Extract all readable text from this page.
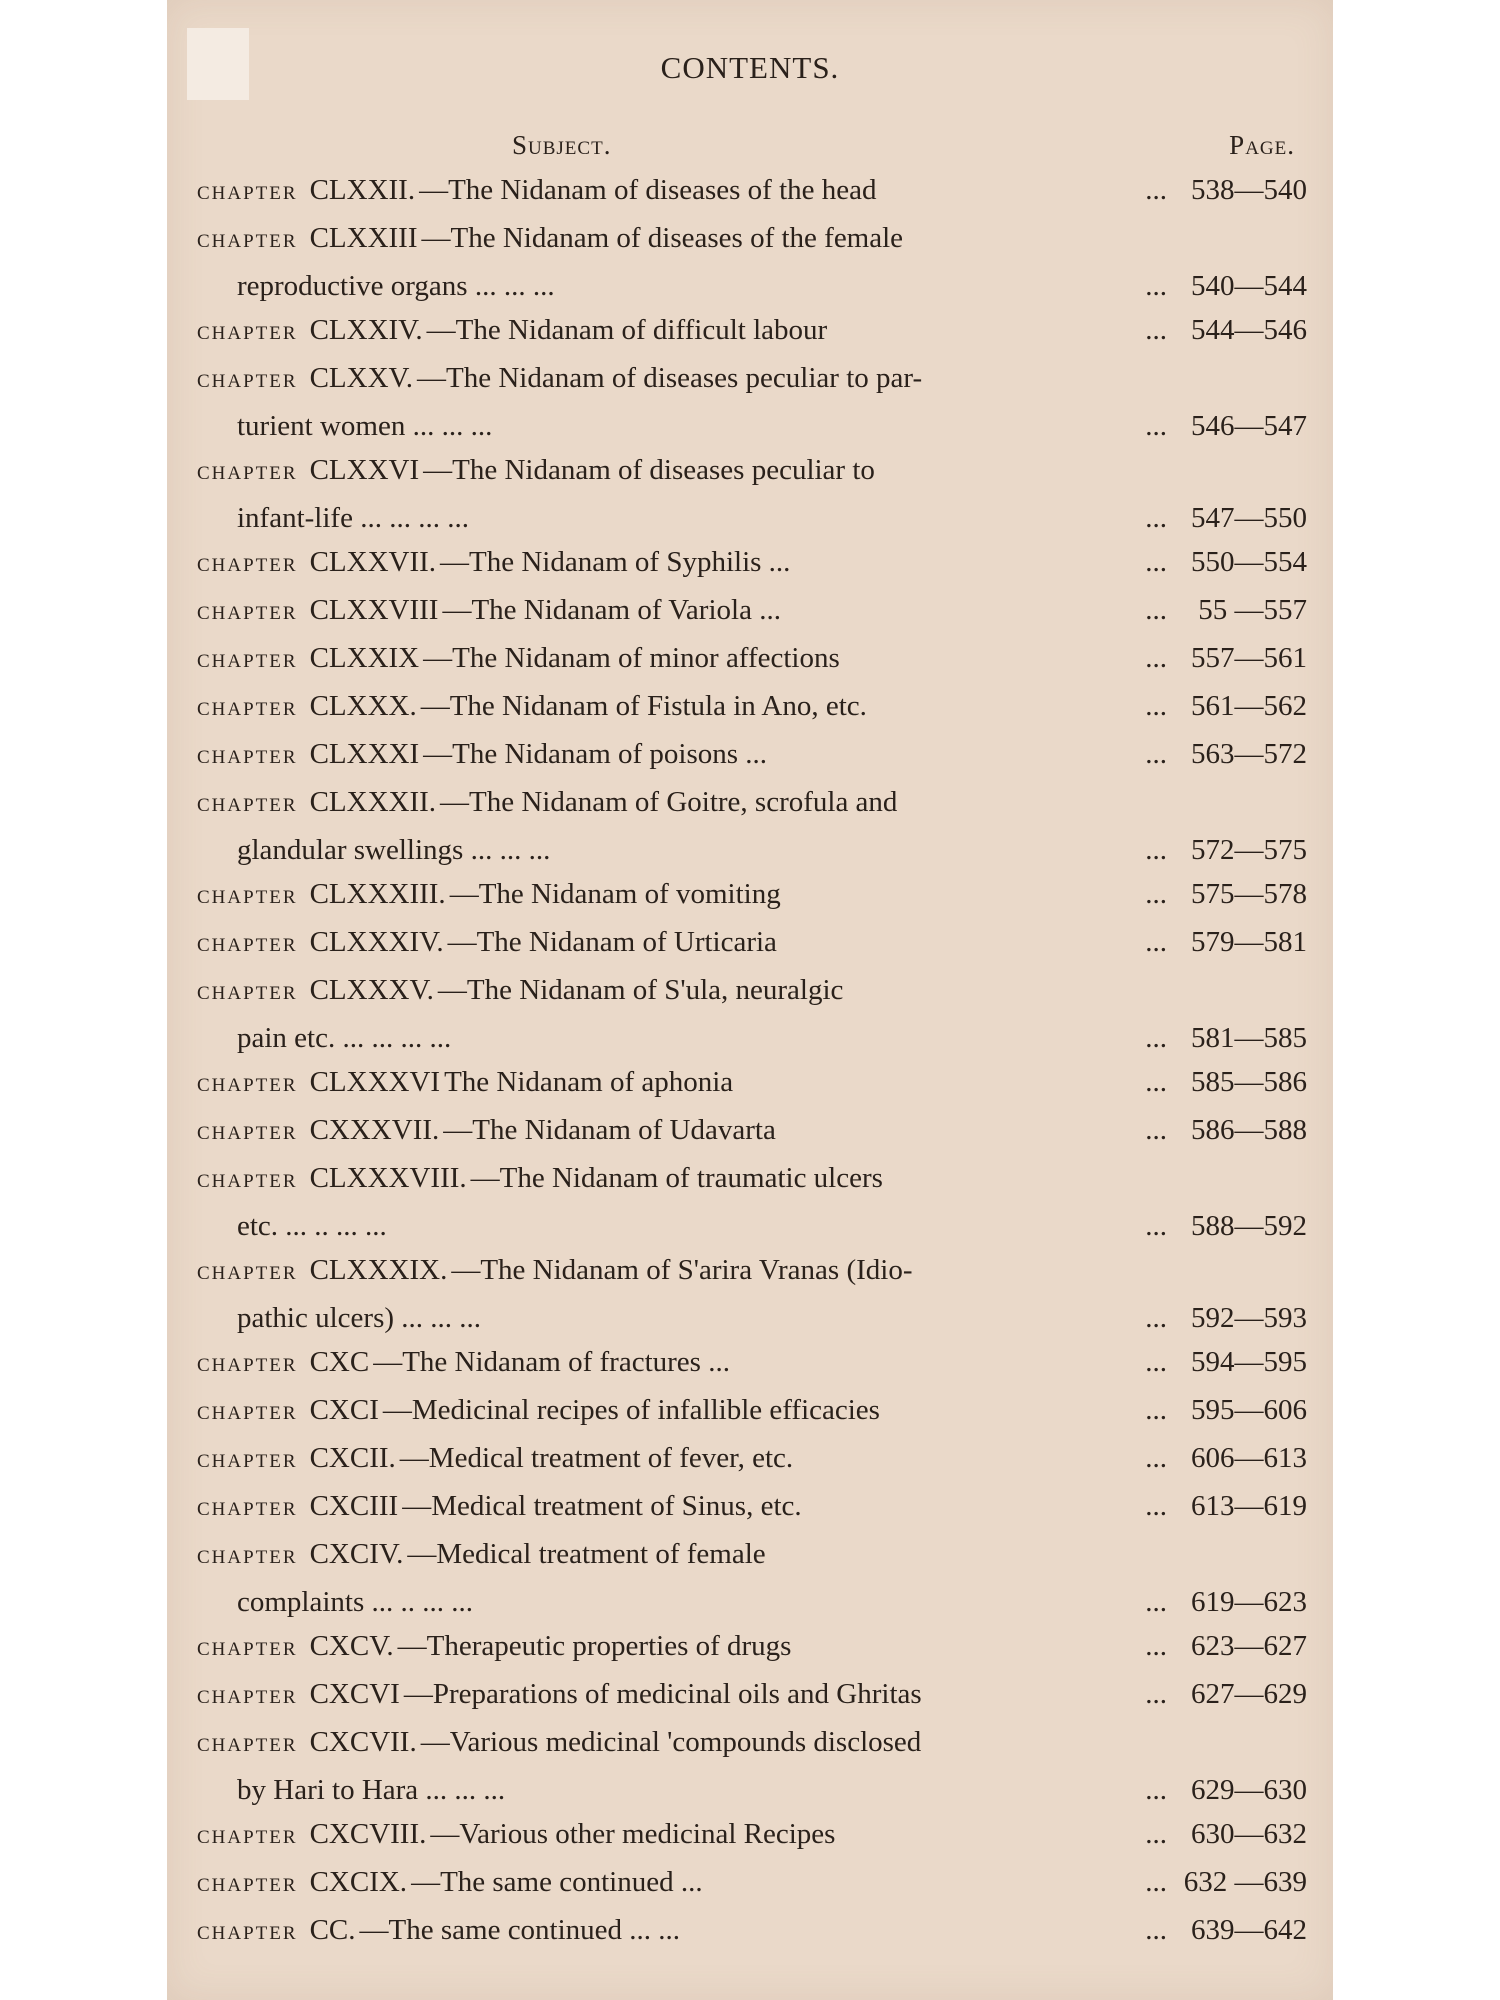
CONTENTS.
Subject.	Page.
CHAPTER CLXXII. —The Nidanam of diseases of the head	... 538—540
CHAPTER CLXXIII —The Nidanam of diseases of the female
reproductive organs ... ... ...	... 540—544
CHAPTER CLXXIV. —The Nidanam of difficult labour	... 544—546
CHAPTER CLXXV. —The Nidanam of diseases peculiar to par-
turient women ... ... ...	... 546—547
CHAPTER CLXXVI —The Nidanam of diseases peculiar to
infant-life ... ... ... ...	... 547—550
CHAPTER CLXXVII. —The Nidanam of Syphilis ...	... 550—554
CHAPTER CLXXVIII —The Nidanam of Variola ...	...	55 —557
CHAPTER CLXXIX —The Nidanam of minor affections	... 557—561
CHAPTER CLXXX. —The Nidanam of Fistula in Ano, etc.	... 561—562
CHAPTER CLXXXI —The Nidanam of poisons ...	... 563—572
CHAPTER CLXXXII. —The Nidanam of Goitre, scrofula and
glandular swellings ... ... ...	... 572—575
CHAPTER CLXXXIII. —The Nidanam of vomiting	... 575—578
CHAPTER CLXXXIV. —The Nidanam of Urticaria	... 579—581
CHAPTER CLXXXV. —The Nidanam of S'ula, neuralgic
pain etc. ... ... ... ...	... 581—585
CHAPTER CLXXXVI The Nidanam of aphonia	... 585—586
CHAPTER CXXXVII. —The Nidanam of Udavarta	... 586—588
CHAPTER CLXXXVIII. —The Nidanam of traumatic ulcers
etc. ... .. ... ...	... 588—592
CHAPTER CLXXXIX. —The Nidanam of S'arira Vranas (Idio-
pathic ulcers) ... ... ...	... 592—593
CHAPTER CXC —The Nidanam of fractures ...	... 594—595
CHAPTER CXCI —Medicinal recipes of infallible efficacies	... 595—606
CHAPTER CXCII. —Medical treatment of fever, etc.	... 606—613
CHAPTER CXCIII —Medical treatment of Sinus, etc.	... 613—619
CHAPTER CXCIV. —Medical treatment of female
complaints ... .. ... ...	... 619—623
CHAPTER CXCV. —Therapeutic properties of drugs	... 623—627
CHAPTER CXCVI —Preparations of medicinal oils and Ghritas	... 627—629
CHAPTER CXCVII. —Various medicinal 'compounds disclosed
by Hari to Hara ... ... ...	... 629—630
CHAPTER CXCVIII. —Various other medicinal Recipes	... 630—632
CHAPTER CXCIX. —The same continued ...	... 632 —639
CHAPTER CC. —The same continued ... ...	... 639—642
